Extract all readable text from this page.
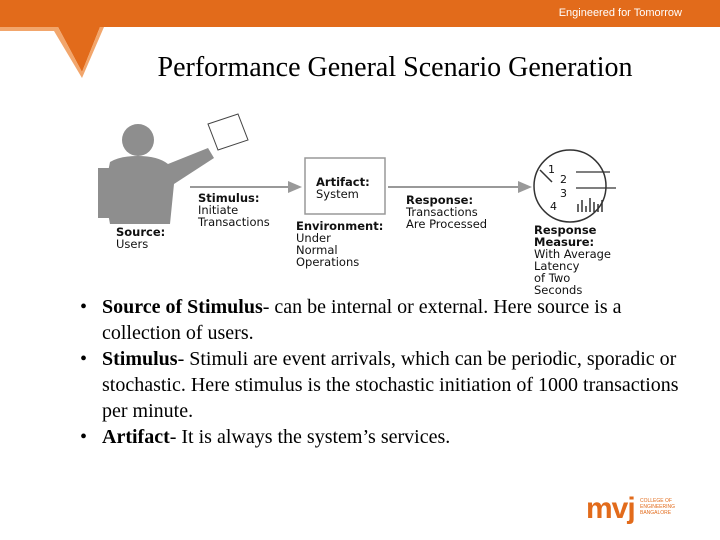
Engineered for Tomorrow
Performance General Scenario Generation
1
2
3
4
Source:
Users
Stimulus:
Initiate
Transactions
Artifact:
System
Environment:
Under
Normal
Operations
Response:
Transactions
Are Processed	Response
Measure:
With Average
Latency
of Two
Seconds
• Source of Stimulus- can be internal or external. Here source is a collection of users.
• Stimulus- Stimuli are event arrivals, which can be periodic, sporadic or stochastic. Here stimulus is the stochastic initiation of 1000 transactions per minute.
• Artifact- It is always the system’s services.
mvj COLLEGE OF
ENGINEERING
BANGALORE
